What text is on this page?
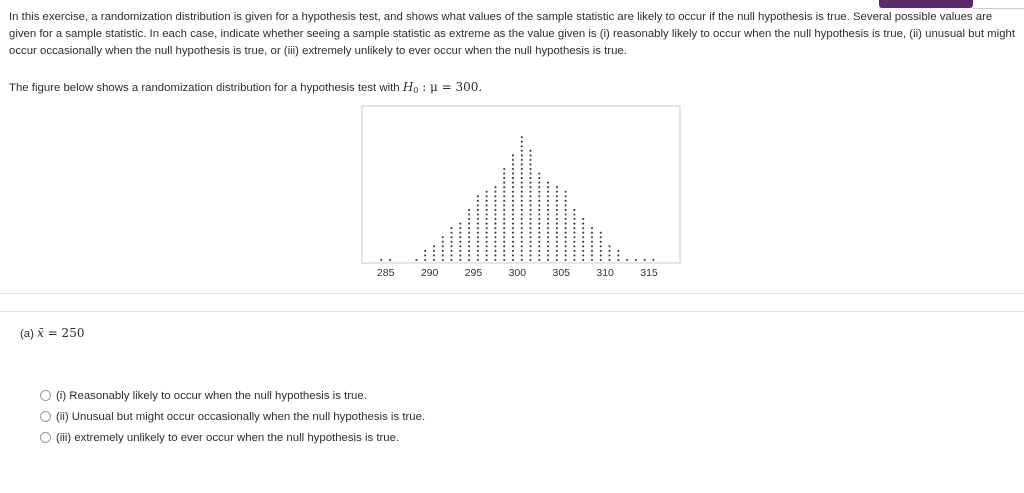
In this exercise, a randomization distribution is given for a hypothesis test, and shows what values of the sample statistic are likely to occur if the null hypothesis is true. Several possible values are given for a sample statistic. In each case, indicate whether seeing a sample statistic as extreme as the value given is (i) reasonably likely to occur when the null hypothesis is true, (ii) unusual but might occur occasionally when the null hypothesis is true, or (iii) extremely unlikely to ever occur when the null hypothesis is true.
The figure below shows a randomization distribution for a hypothesis test with $H_0$ : μ = 300.
285	290	295	300	305	310	315
(a) x̄ = 250
(i) Reasonably likely to occur when the null hypothesis is true.
(ii) Unusual but might occur occasionally when the null hypothesis is true.
(iii) extremely unlikely to ever occur when the null hypothesis is true.
